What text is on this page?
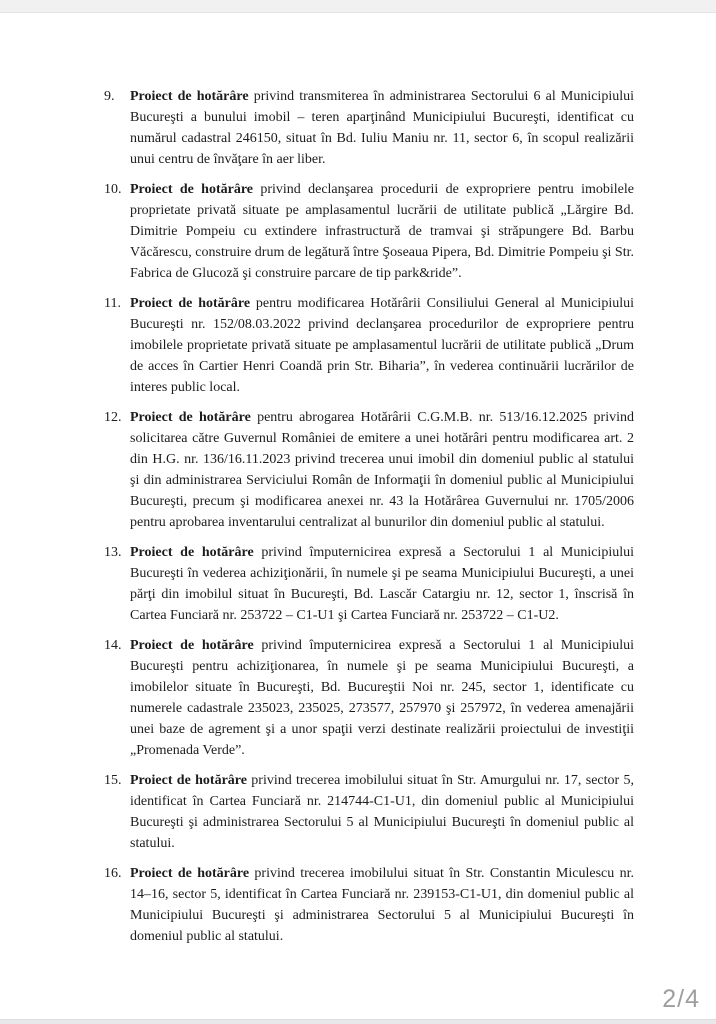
9.	Proiect de hotărâre privind transmiterea în administrarea Sectorului 6 al Municipiului Bucureşti a bunului imobil – teren aparţinând Municipiului Bucureşti, identificat cu numărul cadastral 246150, situat în Bd. Iuliu Maniu nr. 11, sector 6, în scopul realizării unui centru de învăţare în aer liber.
10. Proiect de hotărâre privind declanşarea procedurii de expropriere pentru imobilele proprietate privată situate pe amplasamentul lucrării de utilitate publică „Lărgire Bd. Dimitrie Pompeiu cu extindere infrastructură de tramvai şi străpungere Bd. Barbu Văcărescu, construire drum de legătură între Şoseaua Pipera, Bd. Dimitrie Pompeiu şi Str. Fabrica de Glucoză şi construire parcare de tip park&ride”.
11. Proiect de hotărâre pentru modificarea Hotărârii Consiliului General al Municipiului Bucureşti nr. 152/08.03.2022 privind declanşarea procedurilor de expropriere pentru imobilele proprietate privată situate pe amplasamentul lucrării de utilitate publică „Drum de acces în Cartier Henri Coandă prin Str. Biharia”, în vederea continuării lucrărilor de interes public local.
12. Proiect de hotărâre pentru abrogarea Hotărârii C.G.M.B. nr. 513/16.12.2025 privind solicitarea către Guvernul României de emitere a unei hotărâri pentru modificarea art. 2 din H.G. nr. 136/16.11.2023 privind trecerea unui imobil din domeniul public al statului şi din administrarea Serviciului Român de Informaţii în domeniul public al Municipiului Bucureşti, precum şi modificarea anexei nr. 43 la Hotărârea Guvernului nr. 1705/2006 pentru aprobarea inventarului centralizat al bunurilor din domeniul public al statului.
13. Proiect de hotărâre privind împuternicirea expresă a Sectorului 1 al Municipiului Bucureşti în vederea achiziţionării, în numele şi pe seama Municipiului Bucureşti, a unei părţi din imobilul situat în Bucureşti, Bd. Lascăr Catargiu nr. 12, sector 1, înscrisă în Cartea Funciară nr. 253722 – C1-U1 şi Cartea Funciară nr. 253722 – C1-U2.
14. Proiect de hotărâre privind împuternicirea expresă a Sectorului 1 al Municipiului Bucureşti pentru achiziţionarea, în numele şi pe seama Municipiului Bucureşti, a imobilelor situate în Bucureşti, Bd. Bucureştii Noi nr. 245, sector 1, identificate cu numerele cadastrale 235023, 235025, 273577, 257970 şi 257972, în vederea amenajării unei baze de agrement şi a unor spaţii verzi destinate realizării proiectului de investiţii „Promenada Verde”.
15. Proiect de hotărâre privind trecerea imobilului situat în Str. Amurgului nr. 17, sector 5, identificat în Cartea Funciară nr. 214744-C1-U1, din domeniul public al Municipiului Bucureşti şi administrarea Sectorului 5 al Municipiului Bucureşti în domeniul public al statului.
16. Proiect de hotărâre privind trecerea imobilului situat în Str. Constantin Miculescu nr. 14–16, sector 5, identificat în Cartea Funciară nr. 239153-C1-U1, din domeniul public al Municipiului Bucureşti şi administrarea Sectorului 5 al Municipiului Bucureşti în domeniul public al statului.
2/4
